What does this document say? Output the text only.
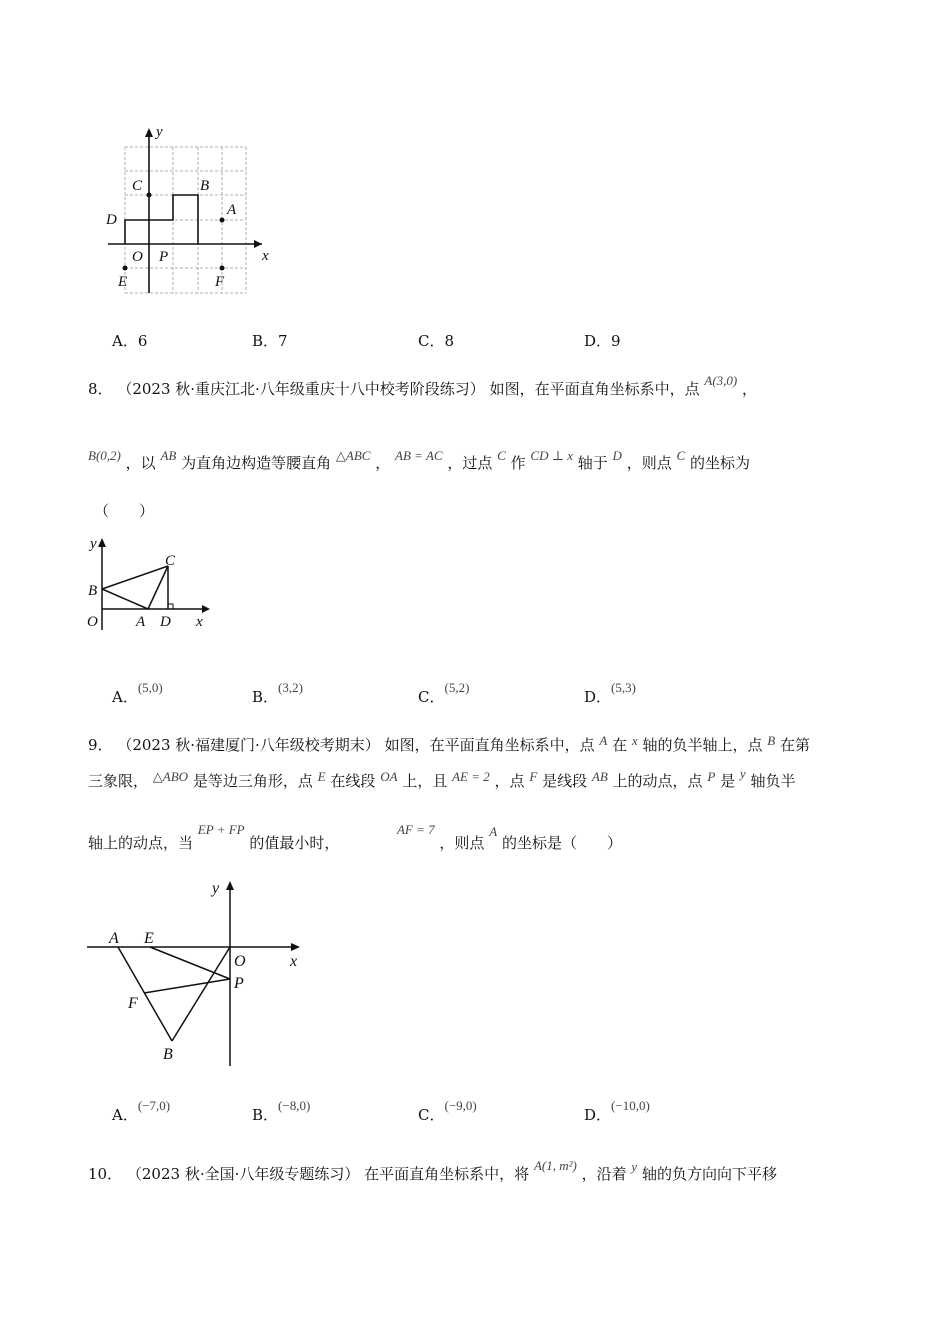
y
x
C	B
D
A
O P
E	F
A．6	B．7	C．8	D．9
8． （2023 秋·重庆江北·八年级重庆十八中校考阶段练习） 如图，在平面直角坐标系中，点 A(3,0) ，
B(0,2) ，以 AB 为直角边构造等腰直角 △ABC ， AB = AC ，过点 C 作 CD ⊥ x 轴于 D ，则点 C 的坐标为
（　　）
y
C
B
O	A D x
A．(5,0)
B．(3,2)
C．(5,2)
D．(5,3)
9． （2023 秋·福建厦门·八年级校考期末） 如图，在平面直角坐标系中，点 A 在 x 轴的负半轴上，点 B 在第
三象限， △ABO 是等边三角形，点 E 在线段 OA 上，且 AE = 2 ，点 F 是线段 AB 上的动点，点 P 是 y 轴负半
轴上的动点，当 EP + FP 的值最小时，  AF = 7 ，则点 A 的坐标是（　　）
y
A E
O	x
P
F
B
A．(−7,0)
B．(−8,0)
C．(−9,0)
D．(−10,0)
10． （2023 秋·全国·八年级专题练习） 在平面直角坐标系中，将 A(1, m²) ，沿着 y 轴的负方向向下平移
